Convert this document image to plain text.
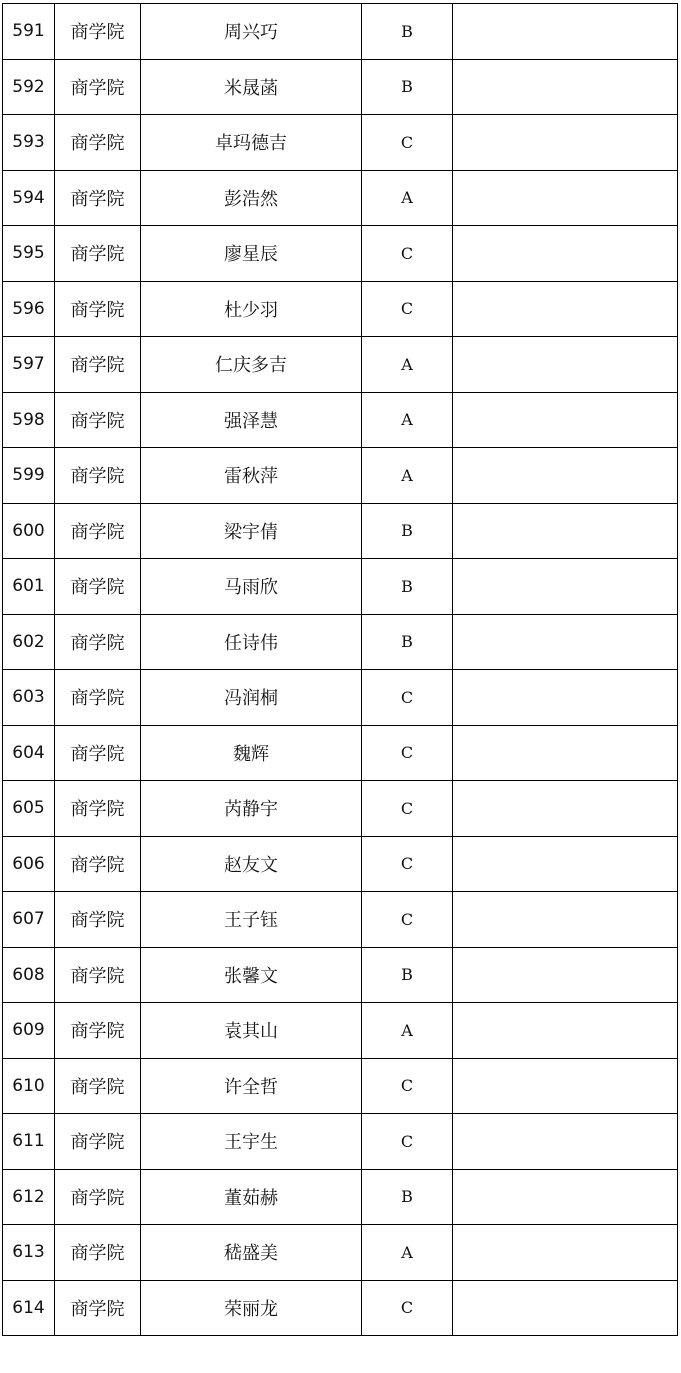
591	商学院	周兴巧	B	
592	商学院	米晟菡	B	
593	商学院	卓玛德吉	C	
594	商学院	彭浩然	A	
595	商学院	廖星辰	C	
596	商学院	杜少羽	C	
597	商学院	仁庆多吉	A	
598	商学院	强泽慧	A	
599	商学院	雷秋萍	A	
600	商学院	梁宇倩	B	
601	商学院	马雨欣	B	
602	商学院	任诗伟	B	
603	商学院	冯润桐	C	
604	商学院	魏辉	C	
605	商学院	芮静宇	C	
606	商学院	赵友文	C	
607	商学院	王子钰	C	
608	商学院	张馨文	B	
609	商学院	袁其山	A	
610	商学院	许全哲	C	
611	商学院	王宇生	C	
612	商学院	董茹赫	B	
613	商学院	嵇盛美	A	
614	商学院	荣丽龙	C	
